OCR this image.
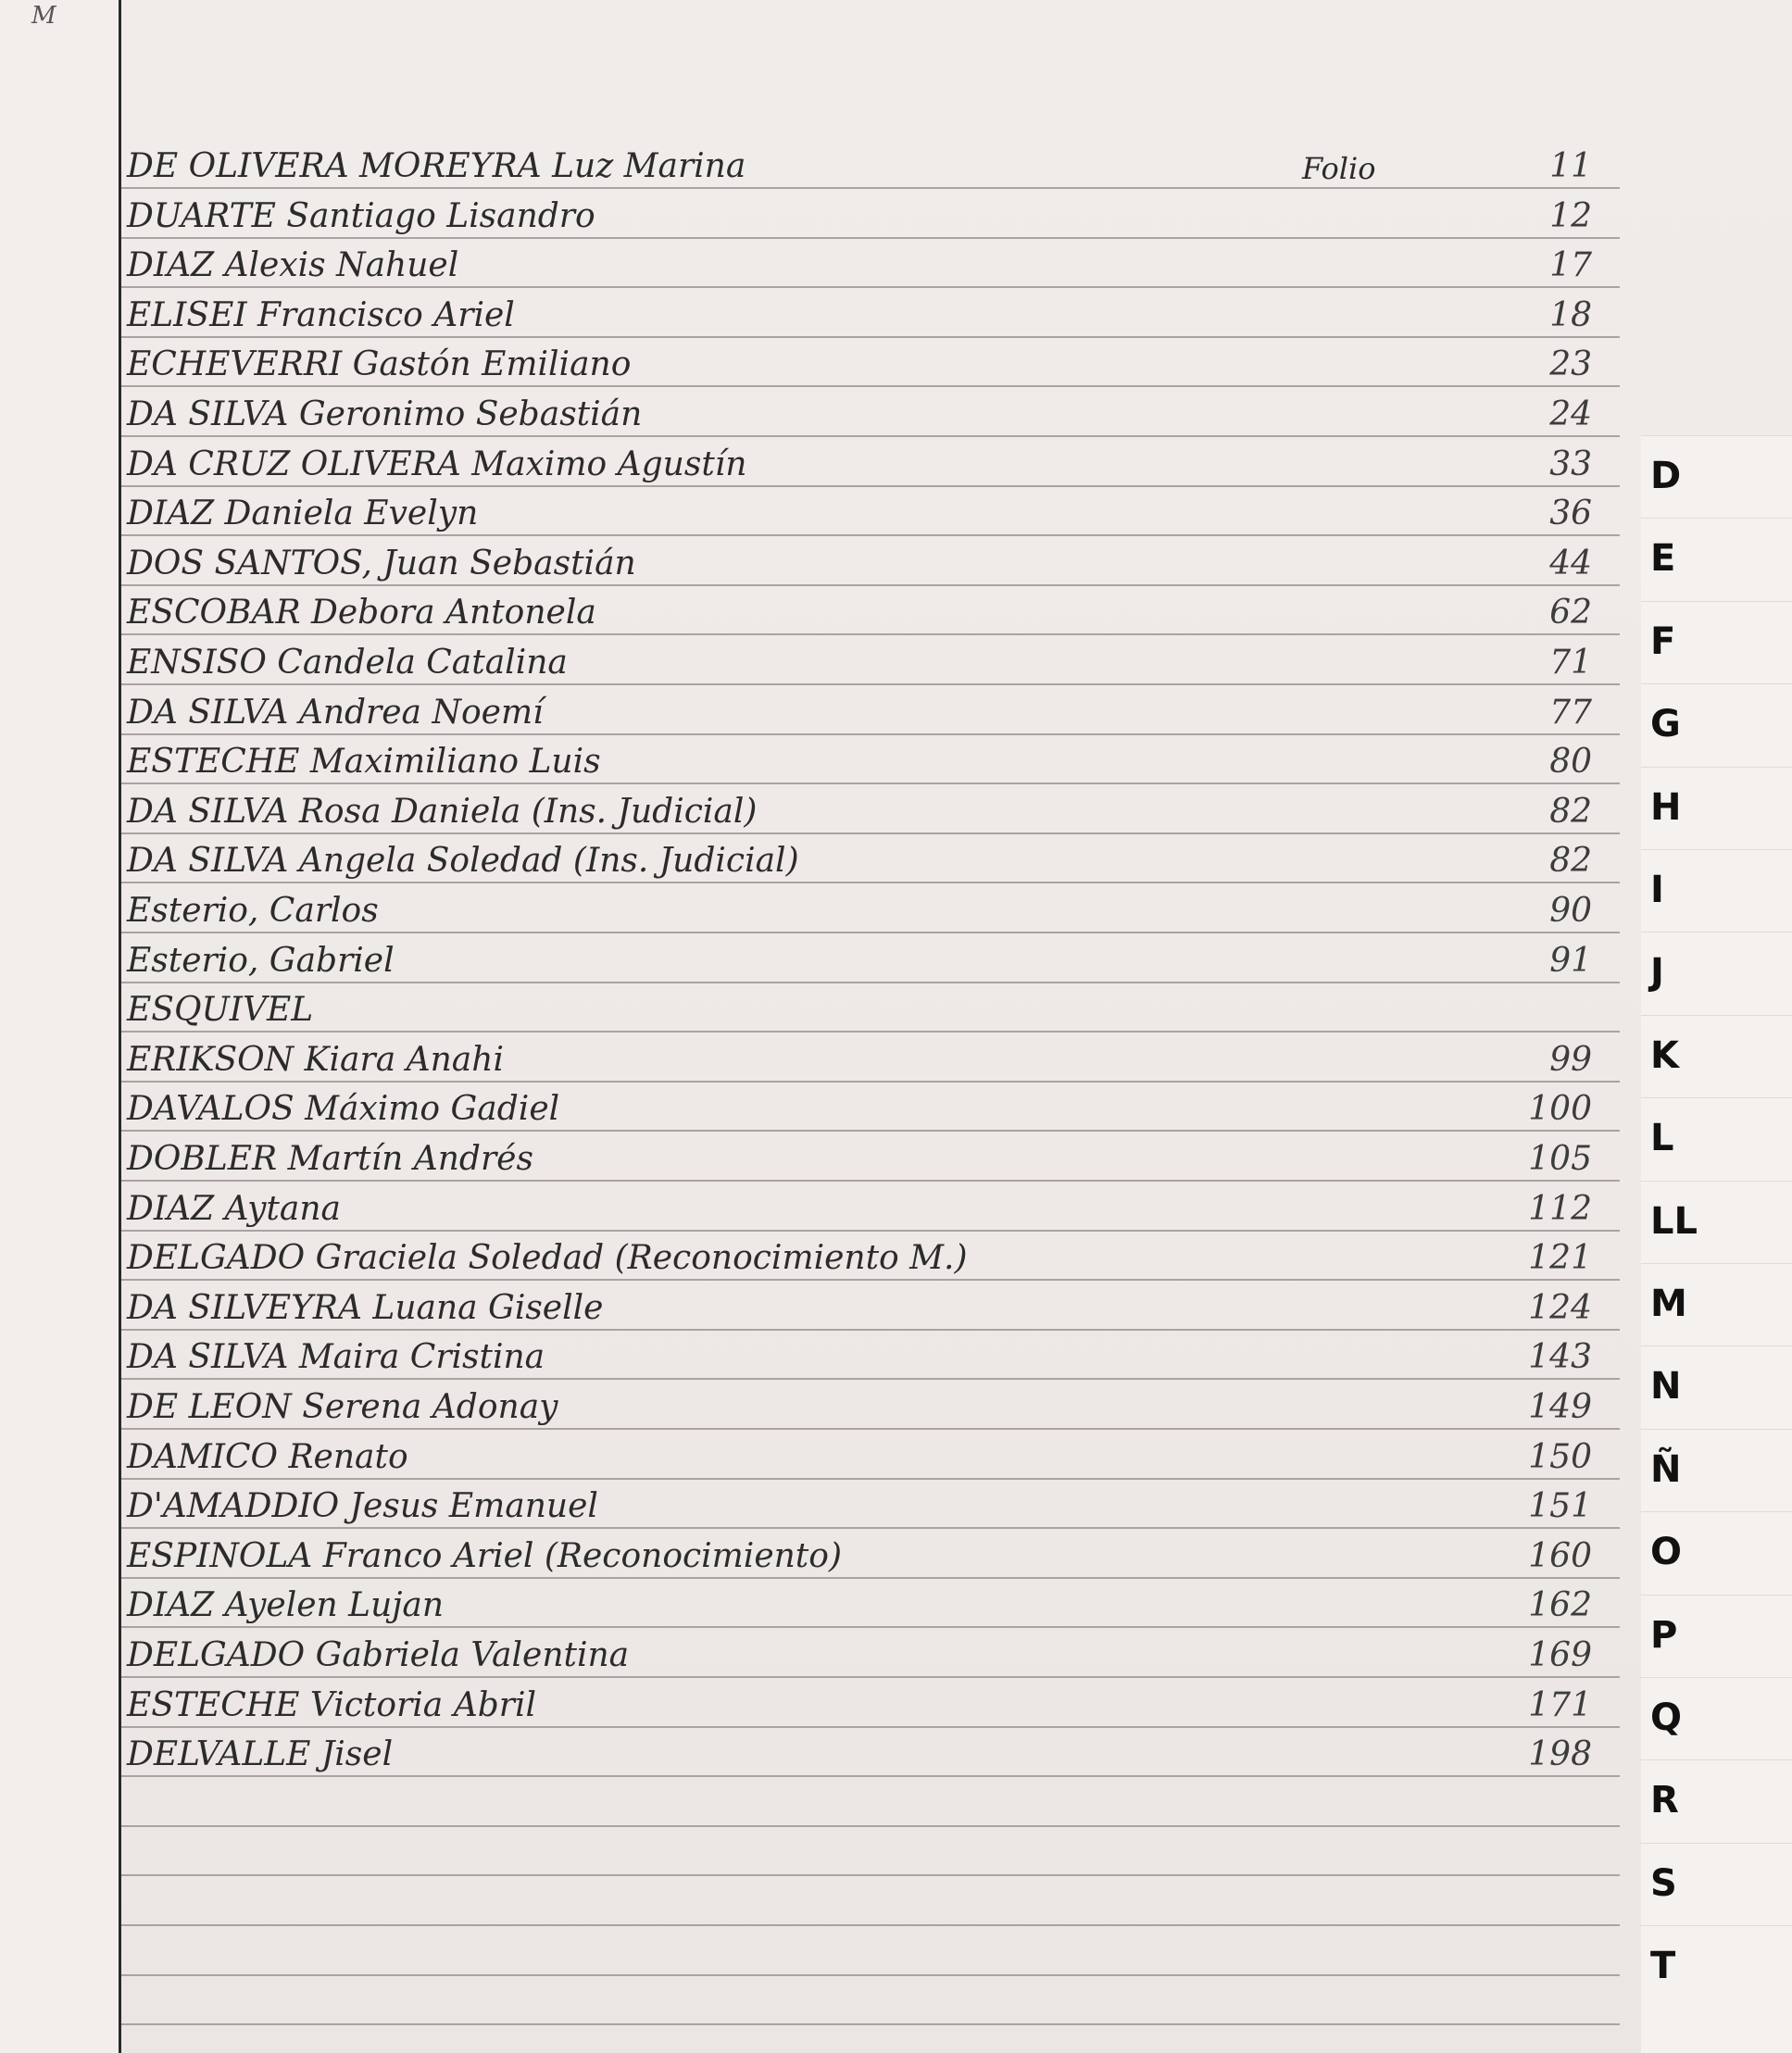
M
DE OLIVERA MOREYRA Luz Marina	Folio	11
DUARTE Santiago Lisandro	12
DIAZ Alexis Nahuel	17
ELISEI Francisco Ariel	18
ECHEVERRI Gastón Emiliano	23
DA SILVA Geronimo Sebastián	24
DA CRUZ OLIVERA Maximo Agustín	33
DIAZ Daniela Evelyn	36
DOS SANTOS, Juan Sebastián	44
ESCOBAR Debora Antonela	62
ENSISO Candela Catalina	71
DA SILVA Andrea Noemí	77
ESTECHE Maximiliano Luis	80
DA SILVA Rosa Daniela (Ins. Judicial)	82
DA SILVA Angela Soledad (Ins. Judicial)	82
Esterio, Carlos	90
Esterio, Gabriel	91
ESQUIVEL
ERIKSON Kiara Anahi	99
DAVALOS Máximo Gadiel	100
DOBLER Martín Andrés	105
DIAZ Aytana	112
DELGADO Graciela Soledad (Reconocimiento M.)	121
DA SILVEYRA Luana Giselle	124
DA SILVA Maira Cristina	143
DE LEON Serena Adonay	149
DAMICO Renato	150
D'AMADDIO Jesus Emanuel	151
ESPINOLA Franco Ariel (Reconocimiento)	160
DIAZ Ayelen Lujan	162
DELGADO Gabriela Valentina	169
ESTECHE Victoria Abril	171
DELVALLE Jisel	198
D
E
F
G
H
I
J
K
L
LL
M
N
Ñ
O
P
Q
R
S
T
